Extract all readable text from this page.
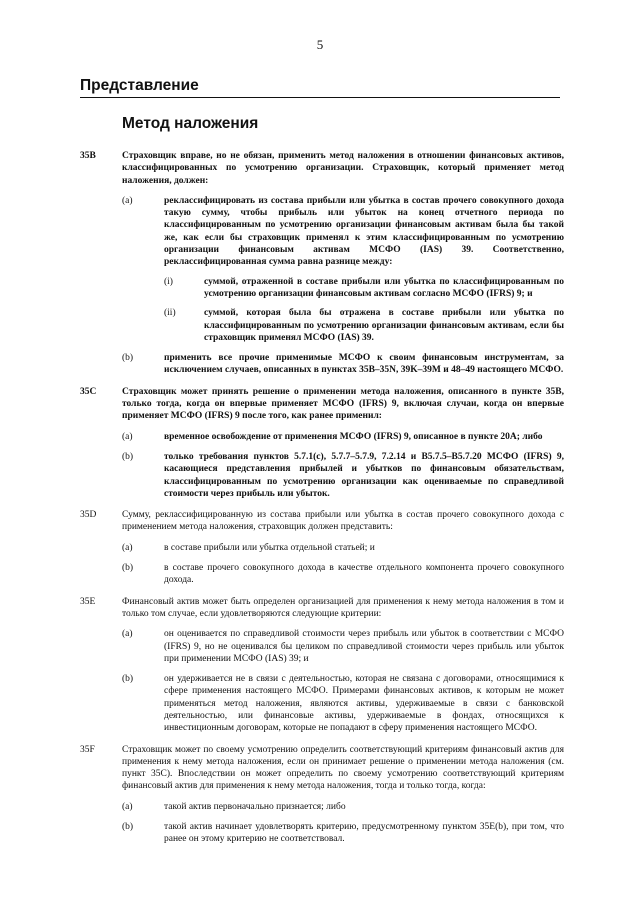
5
Представление
Метод наложения
35B	Страховщик вправе, но не обязан, применить метод наложения в отношении финансовых активов, классифицированных по усмотрению организации. Страховщик, который применяет метод наложения, должен:
(a)	реклассифицировать из состава прибыли или убытка в состав прочего совокупного дохода такую сумму, чтобы прибыль или убыток на конец отчетного периода по классифицированным по усмотрению организации финансовым активам была бы такой же, как если бы страховщик применял к этим классифицированным по усмотрению организации финансовым активам МСФО (IAS) 39. Соответственно, реклассифицированная сумма равна разнице между:
(i)	суммой, отраженной в составе прибыли или убытка по классифицированным по усмотрению организации финансовым активам согласно МСФО (IFRS) 9; и
(ii)	суммой, которая была бы отражена в составе прибыли или убытка по классифицированным по усмотрению организации финансовым активам, если бы страховщик применял МСФО (IAS) 39.
(b)	применить все прочие применимые МСФО к своим финансовым инструментам, за исключением случаев, описанных в пунктах 35B–35N, 39K–39M и 48–49 настоящего МСФО.
35C	Страховщик может принять решение о применении метода наложения, описанного в пункте 35B, только тогда, когда он впервые применяет МСФО (IFRS) 9, включая случаи, когда он впервые применяет МСФО (IFRS) 9 после того, как ранее применил:
(a)	временное освобождение от применения МСФО (IFRS) 9, описанное в пункте 20A; либо
(b)	только требования пунктов 5.7.1(c), 5.7.7–5.7.9, 7.2.14 и B5.7.5–B5.7.20 МСФО (IFRS) 9, касающиеся представления прибылей и убытков по финансовым обязательствам, классифицированным по усмотрению организации как оцениваемые по справедливой стоимости через прибыль или убыток.
35D	Сумму, реклассифицированную из состава прибыли или убытка в состав прочего совокупного дохода с применением метода наложения, страховщик должен представить:
(a)	в составе прибыли или убытка отдельной статьей; и
(b)	в составе прочего совокупного дохода в качестве отдельного компонента прочего совокупного дохода.
35E	Финансовый актив может быть определен организацией для применения к нему метода наложения в том и только том случае, если удовлетворяются следующие критерии:
(a)	он оценивается по справедливой стоимости через прибыль или убыток в соответствии с МСФО (IFRS) 9, но не оценивался бы целиком по справедливой стоимости через прибыль или убыток при применении МСФО (IAS) 39; и
(b)	он удерживается не в связи с деятельностью, которая не связана с договорами, относящимися к сфере применения настоящего МСФО. Примерами финансовых активов, к которым не может применяться метод наложения, являются активы, удерживаемые в связи с банковской деятельностью, или финансовые активы, удерживаемые в фондах, относящихся к инвестиционным договорам, которые не попадают в сферу применения настоящего МСФО.
35F	Страховщик может по своему усмотрению определить соответствующий критериям финансовый актив для применения к нему метода наложения, если он принимает решение о применении метода наложения (см. пункт 35C). Впоследствии он может определить по своему усмотрению соответствующий критериям финансовый актив для применения к нему метода наложения, тогда и только тогда, когда:
(a)	такой актив первоначально признается; либо
(b)	такой актив начинает удовлетворять критерию, предусмотренному пунктом 35E(b), при том, что ранее он этому критерию не соответствовал.
